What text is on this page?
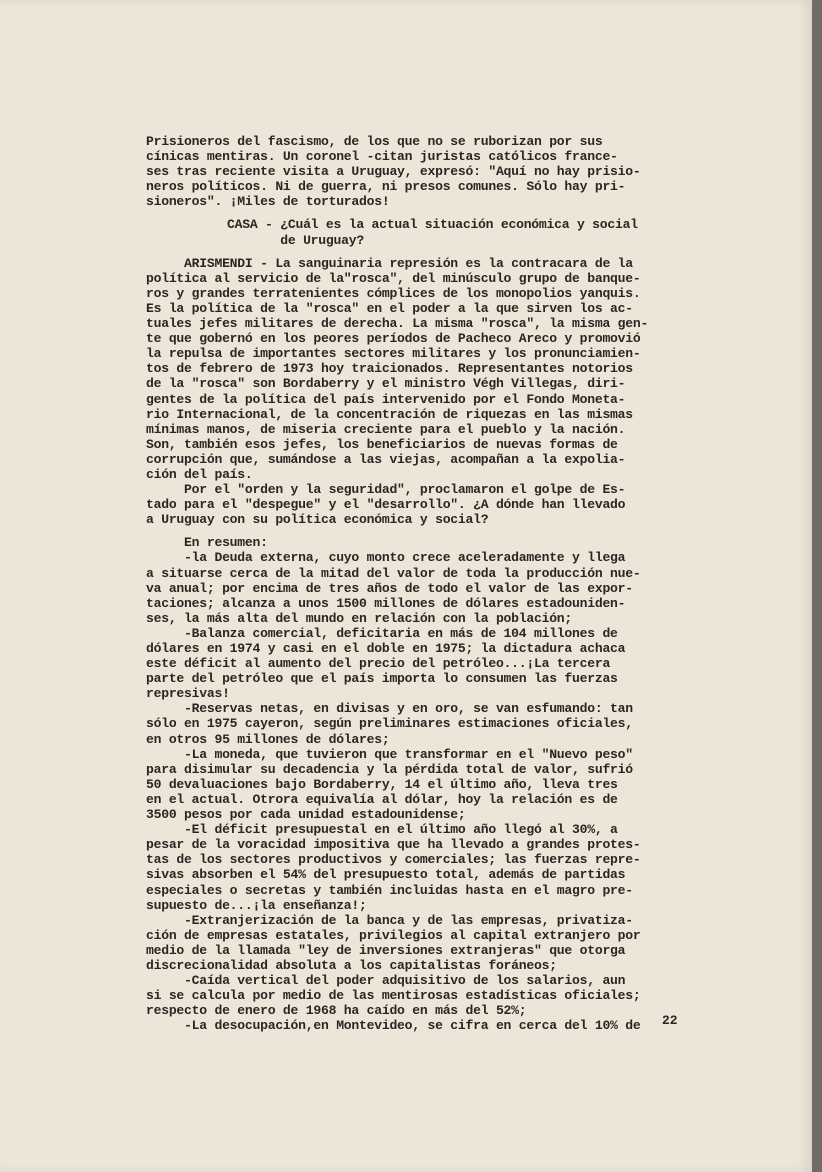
Prisioneros del fascismo, de los que no se ruborizan por sus
cínicas mentiras. Un coronel -citan juristas católicos france-
ses tras reciente visita a Uruguay, expresó: "Aquí no hay prisio-
neros políticos. Ni de guerra, ni presos comunes. Sólo hay pri-
sioneros". ¡Miles de torturados!
CASA - ¿Cuál es la actual situación económica y social
de Uruguay?
ARISMENDI - La sanguinaria represión es la contracara de la
política al servicio de la"rosca", del minúsculo grupo de banque-
ros y grandes terratenientes cómplices de los monopolios yanquis.
Es la política de la "rosca" en el poder a la que sirven los ac-
tuales jefes militares de derecha. La misma "rosca", la misma gen-
te que gobernó en los peores períodos de Pacheco Areco y promovió
la repulsa de importantes sectores militares y los pronunciamien-
tos de febrero de 1973 hoy traicionados. Representantes notorios
de la "rosca" son Bordaberry y el ministro Végh Villegas, diri-
gentes de la política del país intervenido por el Fondo Moneta-
rio Internacional, de la concentración de riquezas en las mismas
mínimas manos, de miseria creciente para el pueblo y la nación.
Son, también esos jefes, los beneficiarios de nuevas formas de
corrupción que, sumándose a las viejas, acompañan a la expolia-
ción del país.
Por el "orden y la seguridad", proclamaron el golpe de Es-
tado para el "despegue" y el "desarrollo". ¿A dónde han llevado
a Uruguay con su política económica y social?
En resumen:
-la Deuda externa, cuyo monto crece aceleradamente y llega
a situarse cerca de la mitad del valor de toda la producción nue-
va anual; por encima de tres años de todo el valor de las expor-
taciones; alcanza a unos 1500 millones de dólares estadouniden-
ses, la más alta del mundo en relación con la población;
-Balanza comercial, deficitaria en más de 104 millones de
dólares en 1974 y casi en el doble en 1975; la dictadura achaca
este déficit al aumento del precio del petróleo...¡La tercera
parte del petróleo que el país importa lo consumen las fuerzas
represivas!
-Reservas netas, en divisas y en oro, se van esfumando: tan
sólo en 1975 cayeron, según preliminares estimaciones oficiales,
en otros 95 millones de dólares;
-La moneda, que tuvieron que transformar en el "Nuevo peso"
para disimular su decadencia y la pérdida total de valor, sufrió
50 devaluaciones bajo Bordaberry, 14 el último año, lleva tres
en el actual. Otrora equivalía al dólar, hoy la relación es de
3500 pesos por cada unidad estadounidense;
-El déficit presupuestal en el último año llegó al 30%, a
pesar de la voracidad impositiva que ha llevado a grandes protes-
tas de los sectores productivos y comerciales; las fuerzas repre-
sivas absorben el 54% del presupuesto total, además de partidas
especiales o secretas y también incluidas hasta en el magro pre-
supuesto de...¡la enseñanza!;
-Extranjerización de la banca y de las empresas, privatiza-
ción de empresas estatales, privilegios al capital extranjero por
medio de la llamada "ley de inversiones extranjeras" que otorga
discrecionalidad absoluta a los capitalistas foráneos;
-Caída vertical del poder adquisitivo de los salarios, aun
si se calcula por medio de las mentirosas estadísticas oficiales;
respecto de enero de 1968 ha caído en más del 52%;
-La desocupación,en Montevideo, se cifra en cerca del 10% de	22
